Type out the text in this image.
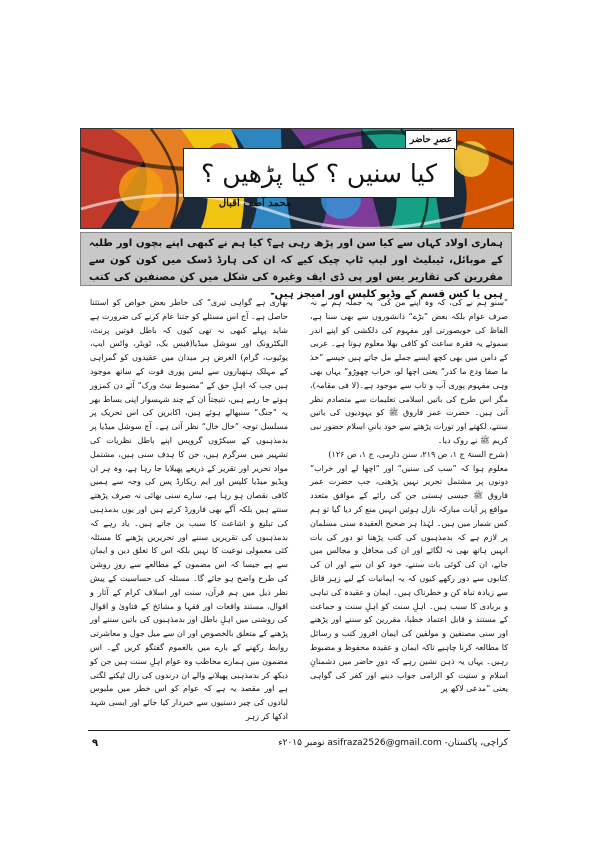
عصرِ حاضر
کیا سنیں ؟ کیا پڑھیں ؟
محمد آصف اقبال
ہماری اولاد کہاں سے کیا سن اور پڑھ رہی ہے؟ کیا ہم نے کبھی اپنے بچوں اور طلبہ کے موبائل، ٹیبلیٹ اور لیپ ٹاپ چیک کیے کہ ان کی ہارڈ ڈسک میں کون کون سے مقررین کی تقاریر یس اور پی ڈی ایف وغیرہ کی شکل میں کن مصنفین کی کتب ہیں یا کس قسم کے وڈیو کلپس اور امیجز ہیں-

”سنو ہم نے کی، کہ وہ اپنے من کی“ یہ جملہ ہم نے نہ صرف عوام بلکہ بعض ”بڑے“ دانشوروں سے بھی سنا ہے، الفاظ کی خوبصورتی اور مفہوم کی دلکشی کو اپنے اندر سموئے یہ فقرہ ساعت کو کافی بھلا معلوم ہوتا ہے۔ عربی کے دامن میں بھی کچھ ایسے جملے مل جاتے ہیں جیسے ”خذ ما صفا ودع ما کدر“ یعنی اچھا لو، خراب چھوڑو“ یہاں بھی وہی مفہوم پوری آب و تاب سے موجود ہے۔(لا فی مقامہ)، مگر اس طرح کی باتیں اسلامی تعلیمات سے متصادم نظر آتی ہیں۔ حضرت عمر فاروق ﷺ کو یہودیوں کی باتیں سنتے، لکھتے اور تورات پڑھتے سے خود بانیِ اسلام حضور نبی کریم ﷺ نے روک دیا۔

(شرح السنۃ ج ۱، ص ۲۱۹، سنن دارمی، ج ۱، ص ۱۲۶)

معلوم ہوا کہ ”سب کی سنیں“ اور ”اچھا لے اور خراب“ دونوں پر مشتمل تحریر نہیں پڑھنی، جب حضرت عمر فاروق ﷺ جیسی ہستی جن کی رائے کے موافق متعدد مواقع پر آیات مبارکہ نازل ہوئیں انہیں منع کر دیا گیا تو ہم کس شمار میں ہیں۔ لہٰذا ہر صحیح العقیدہ سنی مسلمان پر لازم ہے کہ بدمذہبوں کی کتب پڑھنا تو دور کی بات انہیں ہاتھ بھی نہ لگائے اور ان کی محافل و مجالس میں جانے، ان کی کوئی بات سننے، خود کو ان سے اور ان کی کتابوں سے دور رکھے کیوں کہ یہ ایمانیات کے لیے زہر قاتل سے زیادہ تباہ کن و خطرناک ہیں۔ ایمان و عقیدہ کی تباہی و بربادی کا سبب ہیں۔ اہلِ سنت کو اہلِ سنت و جماعت کے مستند و قابل اعتماد خطبا، مقررین کو سننے اور پڑھنے اور سنی مصنفین و مولفین کی ایمان افروز کتب و رسائل کا مطالعہ کرنا چاہیے تاکہ ایمان و عقیدہ محفوظ و مضبوط رہیں۔ یہاں یہ ذہن نشین رہے کہ دورِ حاضر میں دشمنانِ اسلام و سنیت کو الزامی جواب دینے اور کفر کی گواہی یعنی ”مدعی لاکھ پر

بھاری ہے گواہی تیری“ کی خاطر بعض خواص کو استثنا حاصل ہے۔ آج اس مسئلے کو جتنا عام کرنے کی ضرورت ہے شاید پہلے کبھی نہ تھی کیوں کہ باطل قوتیں پرنٹ، الیکٹرونک اور سوشل میڈیا(فیس بک، ٹویٹر، واٹس ایپ، یوٹیوب، گرام) الغرض ہر میدان میں عقیدوں کو گمراہی کے مہلک ہتھیاروں سے لیس پوری قوت کے ساتھ موجود ہیں جب کہ اہلِ حق کے ”مضبوط نیٹ ورک“ آئے دن کمزور ہوتے جا رہے ہیں، نتیجتاً ان کے چند شہسوار اپنی بساط بھر یہ ”جنگ“ سنبھالے ہوئے ہیں، اکابرین کی اس تحریک پر مسلسل توجہ ”خال خال“ نظر آتی ہے۔ آج سوشل میڈیا پر بدمذہبوں کے سیکڑوں گروپس اپنے باطل نظریات کی تشہیر میں سرگرم ہیں، جن کا ہدف سنی ہیں، مشتمل مواد تحریر اور تقریر کے ذریعے پھیلایا جا رہا ہے، وہ ہر ان ویڈیو میڈیا کلپس اور ایم ریکارڈ پس کی وجہ سے ہمیں کافی نقصان ہو رہا ہے، سارے سنی بھائی نہ صرف پڑھتے سنتے ہیں بلکہ آگے بھی فارورڈ کرتے ہیں اور یوں بدمذہبی کی تبلیغ و اشاعت کا سبب بن جاتے ہیں۔ یاد رہے کہ بدمذہبوں کی تقریریں سننے اور تحریریں پڑھنے کا مسئلہ کئی معمولی نوعیت کا نہیں بلکہ اس کا تعلق دین و ایمان سے ہے جیسا کہ اس مضمون کے مطالعے سے روزِ روشن کی طرح واضح ہو جائے گا۔ مسئلہ کی حساسیت کے پیش نظر ذیل میں ہم قرآن، سنت اور اسلاف کرام کے آثار و اقوال، مستند واقعات اور فقہا و مشائخ کے فتاویٰ و اقوال کی روشنی میں اہلِ باطل اور بدمذہبوں کی باتیں سننے اور پڑھنے کے متعلق بالخصوص اور ان سے میل جول و معاشرتی روابط رکھنے کے بارے میں بالعموم گفتگو کریں گے۔ اس مضمون میں ہمارے مخاطب وہ عوام اہلِ سنت ہیں جن کو دیکھ کر بدمذہبی پھیلانے والے ان درندوں کی رال ٹپکنے لگتی ہے اور مقصد یہ ہے کہ عوام کو اس خطر میں ملبوس لبادوں کی چیر دستیوں سے خبردار کیا جائے اور ایسی شہد ادکھا کر زہر

کراچی، پاکستان- asifraza2526@gmail.com نومبر ۲۰۱۵ء
۹
